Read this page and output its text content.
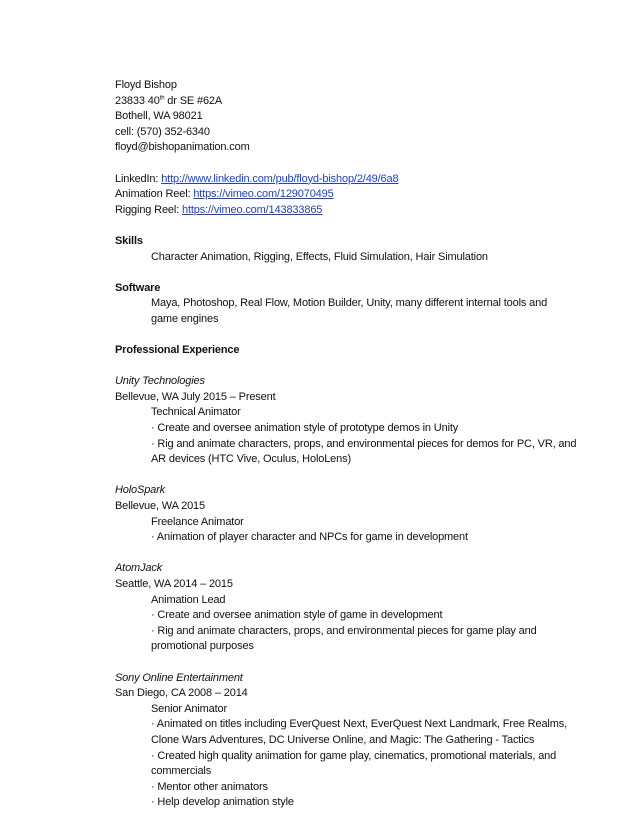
Floyd Bishop
23833 40th dr SE #62A
Bothell, WA 98021
cell: (570) 352-6340
floyd@bishopanimation.com
LinkedIn: http://www.linkedin.com/pub/floyd-bishop/2/49/6a8
Animation Reel: https://vimeo.com/129070495
Rigging Reel: https://vimeo.com/143833865
Skills
Character Animation, Rigging, Effects, Fluid Simulation, Hair Simulation
Software
Maya, Photoshop, Real Flow, Motion Builder, Unity, many different internal tools and
game engines
Professional Experience
Unity Technologies
Bellevue, WA July 2015 – Present
Technical Animator
· Create and oversee animation style of prototype demos in Unity
· Rig and animate characters, props, and environmental pieces for demos for PC, VR, and
AR devices (HTC Vive, Oculus, HoloLens)
HoloSpark
Bellevue, WA 2015
Freelance Animator
· Animation of player character and NPCs for game in development
AtomJack
Seattle, WA 2014 – 2015
Animation Lead
· Create and oversee animation style of game in development
· Rig and animate characters, props, and environmental pieces for game play and
promotional purposes
Sony Online Entertainment
San Diego, CA 2008 – 2014
Senior Animator
· Animated on titles including EverQuest Next, EverQuest Next Landmark, Free Realms,
Clone Wars Adventures, DC Universe Online, and Magic: The Gathering - Tactics
· Created high quality animation for game play, cinematics, promotional materials, and
commercials
· Mentor other animators
· Help develop animation style
